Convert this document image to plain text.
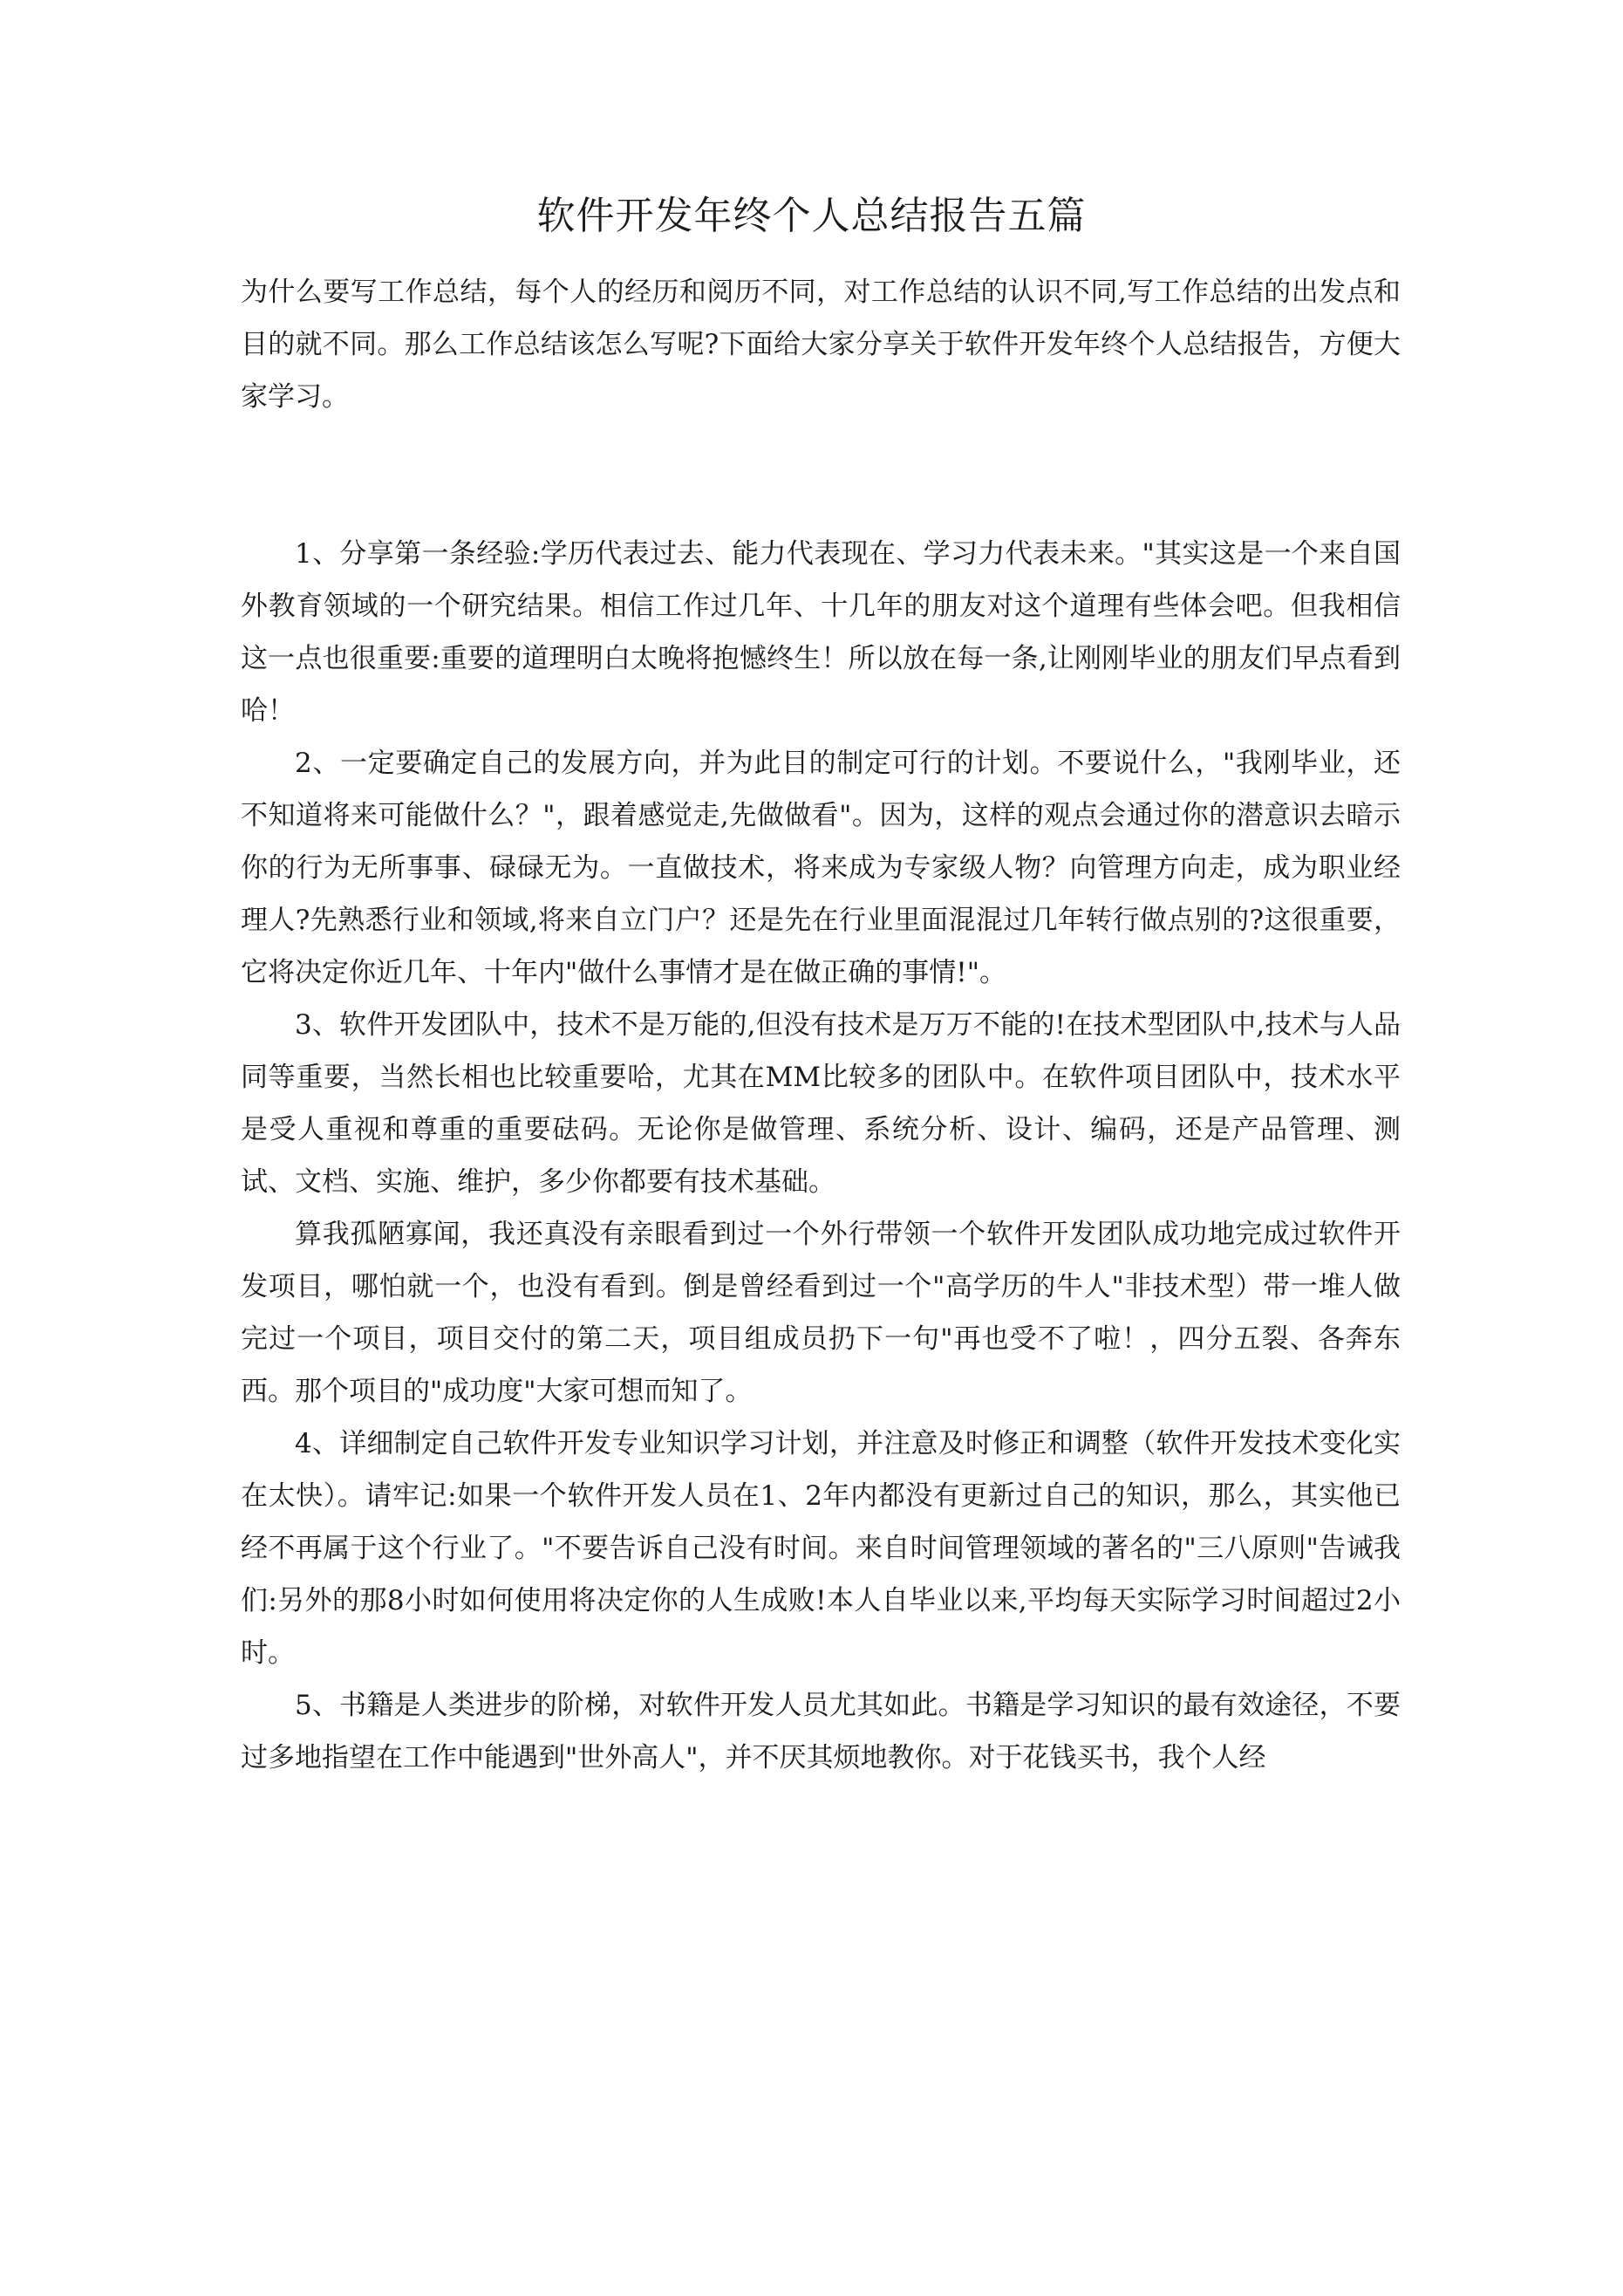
软件开发年终个人总结报告五篇

为什么要写工作总结，每个人的经历和阅历不同，对工作总结的认识不同,写工作总结的出发点和目的就不同。那么工作总结该怎么写呢?下面给大家分享关于软件开发年终个人总结报告，方便大家学习。

1、分享第一条经验:学历代表过去、能力代表现在、学习力代表未来。"其实这是一个来自国外教育领域的一个研究结果。相信工作过几年、十几年的朋友对这个道理有些体会吧。但我相信这一点也很重要:重要的道理明白太晚将抱憾终生！所以放在每一条,让刚刚毕业的朋友们早点看到哈！

2、一定要确定自己的发展方向，并为此目的制定可行的计划。不要说什么，"我刚毕业，还不知道将来可能做什么？"，跟着感觉走,先做做看"。因为，这样的观点会通过你的潜意识去暗示你的行为无所事事、碌碌无为。一直做技术，将来成为专家级人物？向管理方向走，成为职业经理人?先熟悉行业和领域,将来自立门户？还是先在行业里面混混过几年转行做点别的?这很重要，它将决定你近几年、十年内"做什么事情才是在做正确的事情!"。

3、软件开发团队中，技术不是万能的,但没有技术是万万不能的!在技术型团队中,技术与人品同等重要，当然长相也比较重要哈，尤其在MM比较多的团队中。在软件项目团队中，技术水平是受人重视和尊重的重要砝码。无论你是做管理、系统分析、设计、编码，还是产品管理、测试、文档、实施、维护，多少你都要有技术基础。

算我孤陋寡闻，我还真没有亲眼看到过一个外行带领一个软件开发团队成功地完成过软件开发项目，哪怕就一个，也没有看到。倒是曾经看到过一个"高学历的牛人"非技术型）带一堆人做完过一个项目，项目交付的第二天，项目组成员扔下一句"再也受不了啦！，四分五裂、各奔东西。那个项目的"成功度"大家可想而知了。

4、详细制定自己软件开发专业知识学习计划，并注意及时修正和调整（软件开发技术变化实在太快）。请牢记:如果一个软件开发人员在1、2年内都没有更新过自己的知识，那么，其实他已经不再属于这个行业了。"不要告诉自己没有时间。来自时间管理领域的著名的"三八原则"告诫我们:另外的那8小时如何使用将决定你的人生成败!本人自毕业以来,平均每天实际学习时间超过2小时。

5、书籍是人类进步的阶梯，对软件开发人员尤其如此。书籍是学习知识的最有效途径，不要过多地指望在工作中能遇到"世外高人"，并不厌其烦地教你。对于花钱买书，我个人经
